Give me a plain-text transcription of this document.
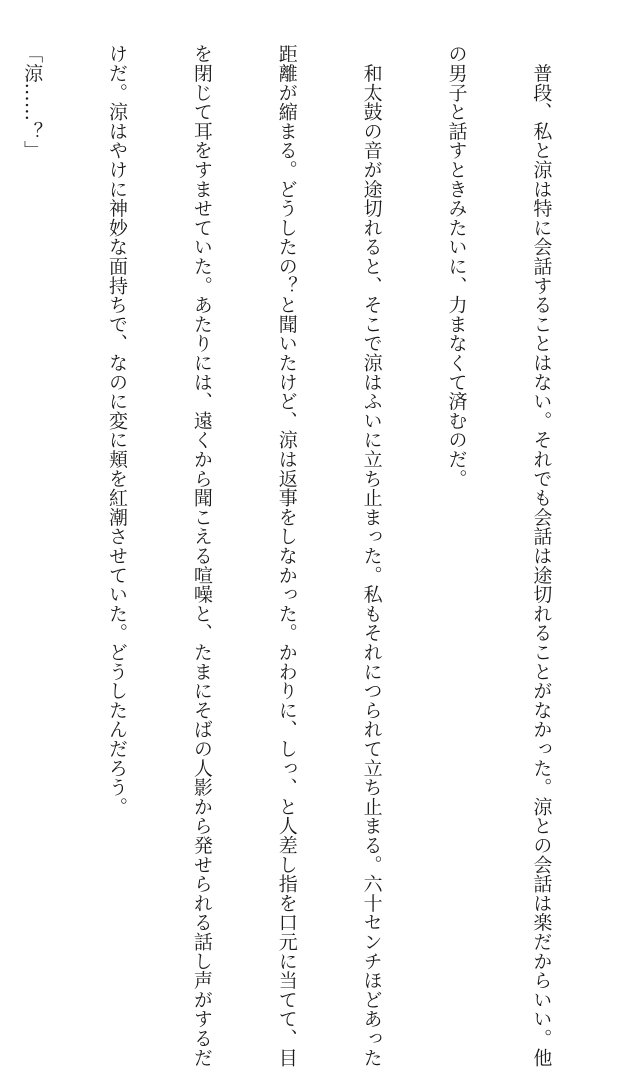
　普段、私と涼は特に会話することはない。それでも会話は途切れることがなかった。涼との会話は楽だからいい。他

の男子と話すときみたいに、力まなくて済むのだ。

　和太鼓の音が途切れると、そこで涼はふいに立ち止まった。私もそれにつられて立ち止まる。六十センチほどあった

距離が縮まる。どうしたの？と聞いたけど、涼は返事をしなかった。かわりに、しっ、と人差し指を口元に当てて、目

を閉じて耳をすませていた。あたりには、遠くから聞こえる喧噪と、たまにそばの人影から発せられる話し声がするだ

けだ。涼はやけに神妙な面持ちで、なのに変に頬を紅潮させていた。どうしたんだろう。

「涼……？」
